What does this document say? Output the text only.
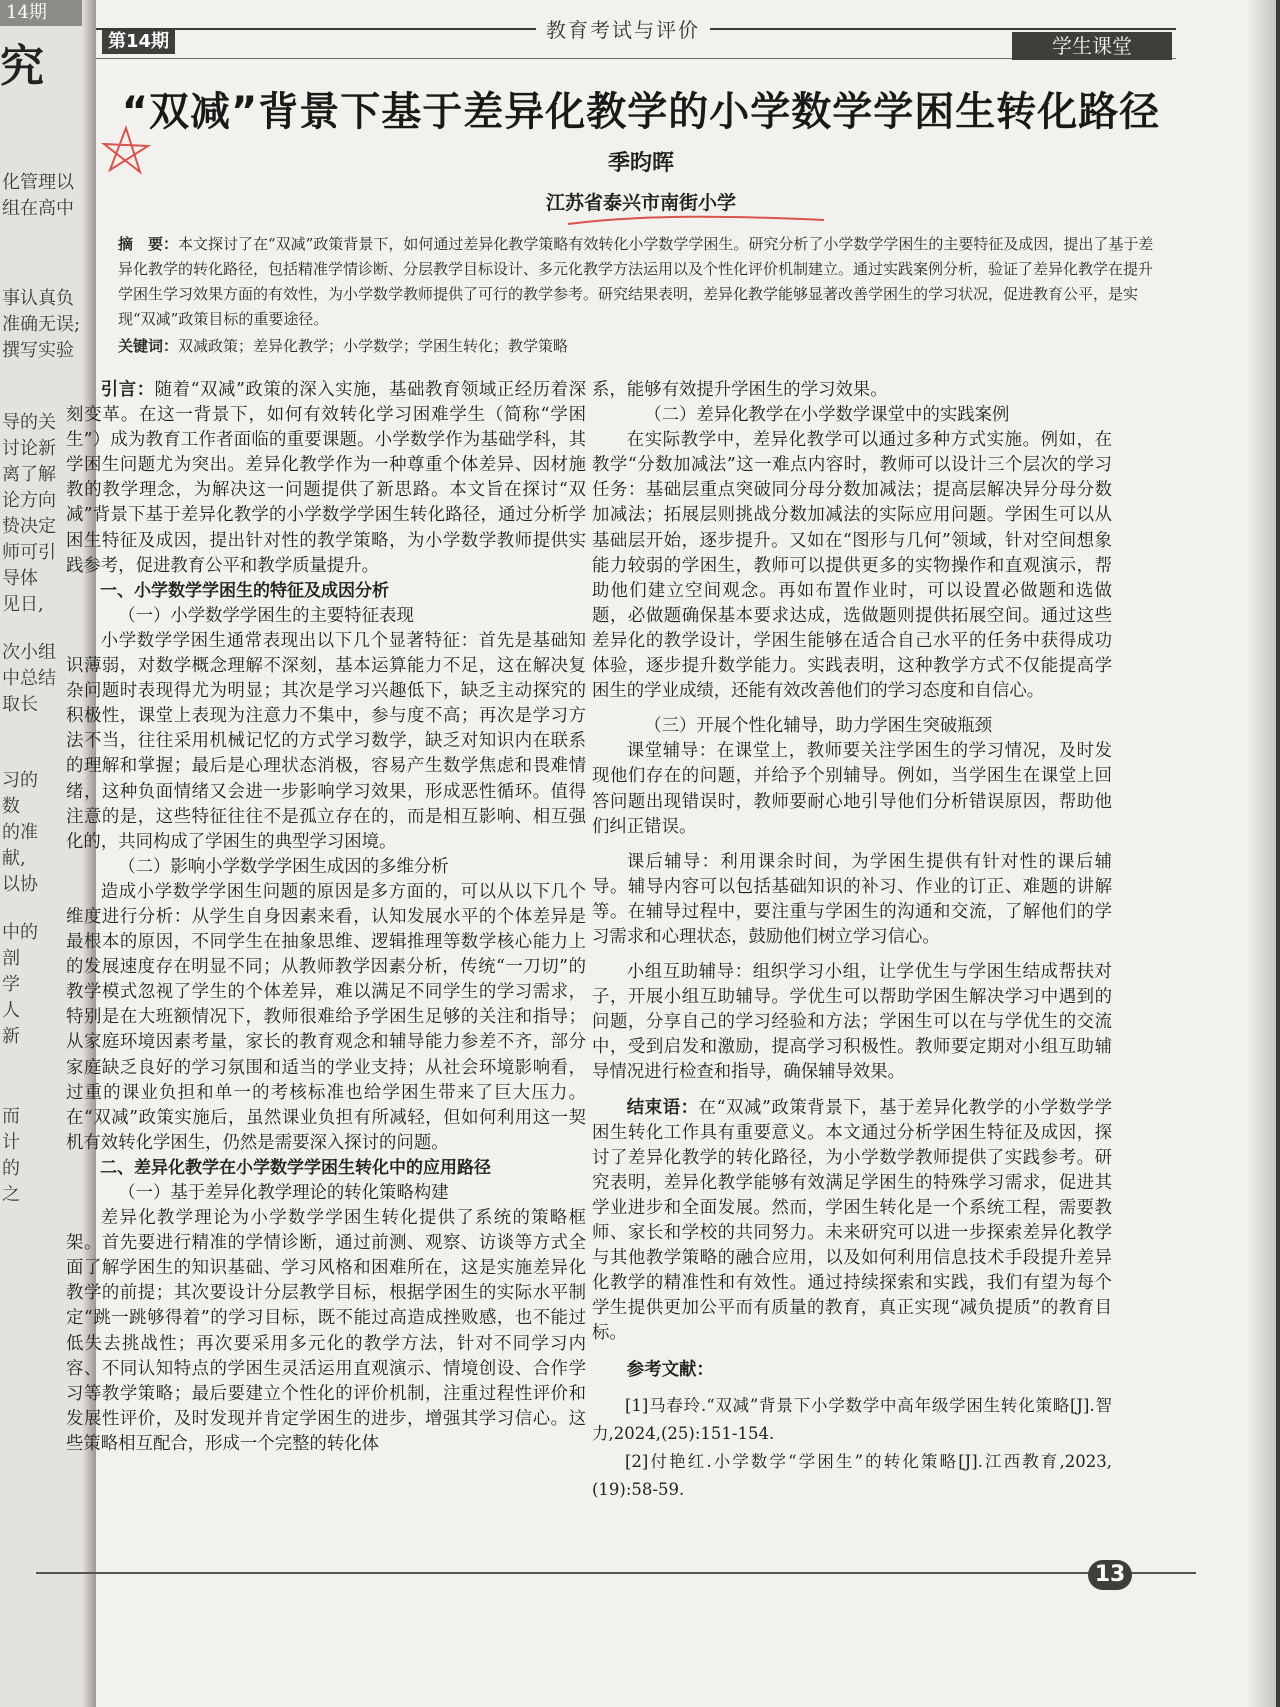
14期
究
化管理以
组在高中
事认真负
准确无误;
撰写实验
导的关
讨论新
离了解
论方向
贽决定
师可引
导体
见日,
次小组
中总结
取长
习的
数
的准
献,
以协
中的
剖
学
人
新
而
计
的
之
教育考试与评价
第14期	学生课堂
“双减”背景下基于差异化教学的小学数学学困生转化路径
季昀晖
江苏省泰兴市南街小学
摘　要：本文探讨了在“双减”政策背景下，如何通过差异化教学策略有效转化小学数学学困生。研究分析了小学数学学困生的主要特征及成因，提出了基于差异化教学的转化路径，包括精准学情诊断、分层教学目标设计、多元化教学方法运用以及个性化评价机制建立。通过实践案例分析，验证了差异化教学在提升学困生学习效果方面的有效性，为小学数学教师提供了可行的教学参考。研究结果表明，差异化教学能够显著改善学困生的学习状况，促进教育公平，是实现“双减”政策目标的重要途径。
关键词：双减政策；差异化教学；小学数学；学困生转化；教学策略

引言：随着“双减”政策的深入实施，基础教育领域正经历着深刻变革。在这一背景下，如何有效转化学习困难学生（简称“学困生”）成为教育工作者面临的重要课题。小学数学作为基础学科，其学困生问题尤为突出。差异化教学作为一种尊重个体差异、因材施教的教学理念，为解决这一问题提供了新思路。本文旨在探讨“双减”背景下基于差异化教学的小学数学学困生转化路径，通过分析学困生特征及成因，提出针对性的教学策略，为小学数学教师提供实践参考，促进教育公平和教学质量提升。

一、小学数学学困生的特征及成因分析

（一）小学数学学困生的主要特征表现

小学数学学困生通常表现出以下几个显著特征：首先是基础知识薄弱，对数学概念理解不深刻，基本运算能力不足，这在解决复杂问题时表现得尤为明显；其次是学习兴趣低下，缺乏主动探究的积极性，课堂上表现为注意力不集中，参与度不高；再次是学习方法不当，往往采用机械记忆的方式学习数学，缺乏对知识内在联系的理解和掌握；最后是心理状态消极，容易产生数学焦虑和畏难情绪，这种负面情绪又会进一步影响学习效果，形成恶性循环。值得注意的是，这些特征往往不是孤立存在的，而是相互影响、相互强化的，共同构成了学困生的典型学习困境。

（二）影响小学数学学困生成因的多维分析

造成小学数学学困生问题的原因是多方面的，可以从以下几个维度进行分析：从学生自身因素来看，认知发展水平的个体差异是最根本的原因，不同学生在抽象思维、逻辑推理等数学核心能力上的发展速度存在明显不同；从教师教学因素分析，传统“一刀切”的教学模式忽视了学生的个体差异，难以满足不同学生的学习需求，特别是在大班额情况下，教师很难给予学困生足够的关注和指导；从家庭环境因素考量，家长的教育观念和辅导能力参差不齐，部分家庭缺乏良好的学习氛围和适当的学业支持；从社会环境影响看，过重的课业负担和单一的考核标准也给学困生带来了巨大压力。在“双减”政策实施后，虽然课业负担有所减轻，但如何利用这一契机有效转化学困生，仍然是需要深入探讨的问题。

二、差异化教学在小学数学学困生转化中的应用路径

（一）基于差异化教学理论的转化策略构建

差异化教学理论为小学数学学困生转化提供了系统的策略框架。首先要进行精准的学情诊断，通过前测、观察、访谈等方式全面了解学困生的知识基础、学习风格和困难所在，这是实施差异化教学的前提；其次要设计分层教学目标，根据学困生的实际水平制定“跳一跳够得着”的学习目标，既不能过高造成挫败感，也不能过低失去挑战性；再次要采用多元化的教学方法，针对不同学习内容、不同认知特点的学困生灵活运用直观演示、情境创设、合作学习等教学策略；最后要建立个性化的评价机制，注重过程性评价和发展性评价，及时发现并肯定学困生的进步，增强其学习信心。这些策略相互配合，形成一个完整的转化体

系，能够有效提升学困生的学习效果。

（二）差异化教学在小学数学课堂中的实践案例

在实际教学中，差异化教学可以通过多种方式实施。例如，在教学“分数加减法”这一难点内容时，教师可以设计三个层次的学习任务：基础层重点突破同分母分数加减法；提高层解决异分母分数加减法；拓展层则挑战分数加减法的实际应用问题。学困生可以从基础层开始，逐步提升。又如在“图形与几何”领域，针对空间想象能力较弱的学困生，教师可以提供更多的实物操作和直观演示，帮助他们建立空间观念。再如布置作业时，可以设置必做题和选做题，必做题确保基本要求达成，选做题则提供拓展空间。通过这些差异化的教学设计，学困生能够在适合自己水平的任务中获得成功体验，逐步提升数学能力。实践表明，这种教学方式不仅能提高学困生的学业成绩，还能有效改善他们的学习态度和自信心。

（三）开展个性化辅导，助力学困生突破瓶颈

课堂辅导：在课堂上，教师要关注学困生的学习情况，及时发现他们存在的问题，并给予个别辅导。例如，当学困生在课堂上回答问题出现错误时，教师要耐心地引导他们分析错误原因，帮助他们纠正错误。

课后辅导：利用课余时间，为学困生提供有针对性的课后辅导。辅导内容可以包括基础知识的补习、作业的订正、难题的讲解等。在辅导过程中，要注重与学困生的沟通和交流，了解他们的学习需求和心理状态，鼓励他们树立学习信心。

小组互助辅导：组织学习小组，让学优生与学困生结成帮扶对子，开展小组互助辅导。学优生可以帮助学困生解决学习中遇到的问题，分享自己的学习经验和方法；学困生可以在与学优生的交流中，受到启发和激励，提高学习积极性。教师要定期对小组互助辅导情况进行检查和指导，确保辅导效果。

结束语：在“双减”政策背景下，基于差异化教学的小学数学学困生转化工作具有重要意义。本文通过分析学困生特征及成因，探讨了差异化教学的转化路径，为小学数学教师提供了实践参考。研究表明，差异化教学能够有效满足学困生的特殊学习需求，促进其学业进步和全面发展。然而，学困生转化是一个系统工程，需要教师、家长和学校的共同努力。未来研究可以进一步探索差异化教学与其他教学策略的融合应用，以及如何利用信息技术手段提升差异化教学的精准性和有效性。通过持续探索和实践，我们有望为每个学生提供更加公平而有质量的教育，真正实现“减负提质”的教育目标。

参考文献：

[1]马春玲.“双减”背景下小学数学中高年级学困生转化策略[J].智力,2024,(25):151-154.

[2]付艳红.小学数学“学困生”的转化策略[J].江西教育,2023,(19):58-59.

13
